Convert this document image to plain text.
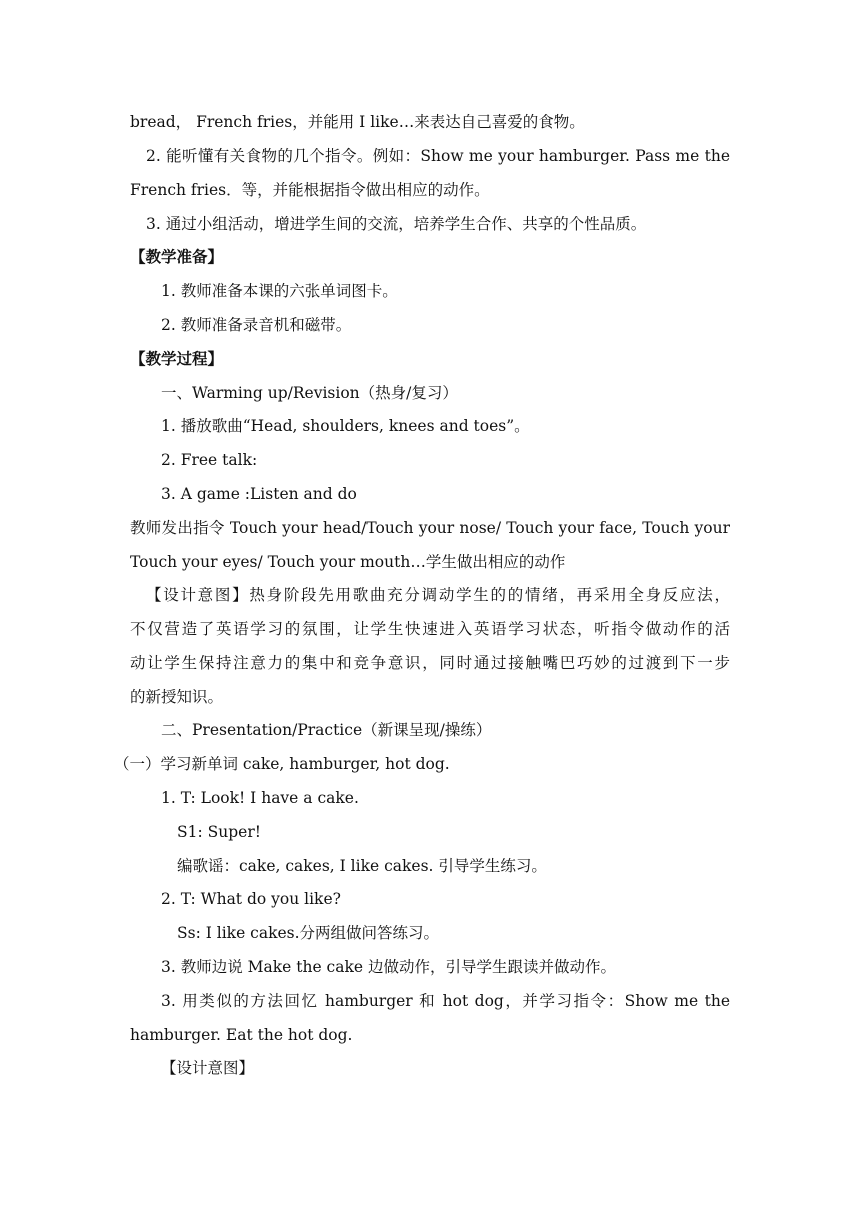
bread， French fries，并能用 I like…来表达自己喜爱的食物。
2. 能听懂有关食物的几个指令。例如：Show me your hamburger. Pass me the
French fries．等，并能根据指令做出相应的动作。
3. 通过小组活动，增进学生间的交流，培养学生合作、共享的个性品质。
【教学准备】
1. 教师准备本课的六张单词图卡。
2. 教师准备录音机和磁带。
【教学过程】
一、Warming up/Revision（热身/复习）
1. 播放歌曲“Head, shoulders, knees and toes”。
2. Free talk:
3. A game :Listen and do
教师发出指令 Touch your head/Touch your nose/ Touch your face, Touch your
Touch your eyes/ Touch your mouth…学生做出相应的动作
【设计意图】热身阶段先用歌曲充分调动学生的的情绪，再采用全身反应法，
不仅营造了英语学习的氛围，让学生快速进入英语学习状态，听指令做动作的活
动让学生保持注意力的集中和竞争意识，同时通过接触嘴巴巧妙的过渡到下一步
的新授知识。
二、Presentation/Practice（新课呈现/操练）
（一）学习新单词 cake, hamburger, hot dog.
1. T: Look! I have a cake.
S1: Super!
编歌谣：cake, cakes, I like cakes. 引导学生练习。
2. T: What do you like?
Ss: I like cakes.分两组做问答练习。
3. 教师边说 Make the cake 边做动作，引导学生跟读并做动作。
3. 用类似的方法回忆 hamburger 和 hot dog，并学习指令：Show me the
hamburger. Eat the hot dog.
【设计意图】
